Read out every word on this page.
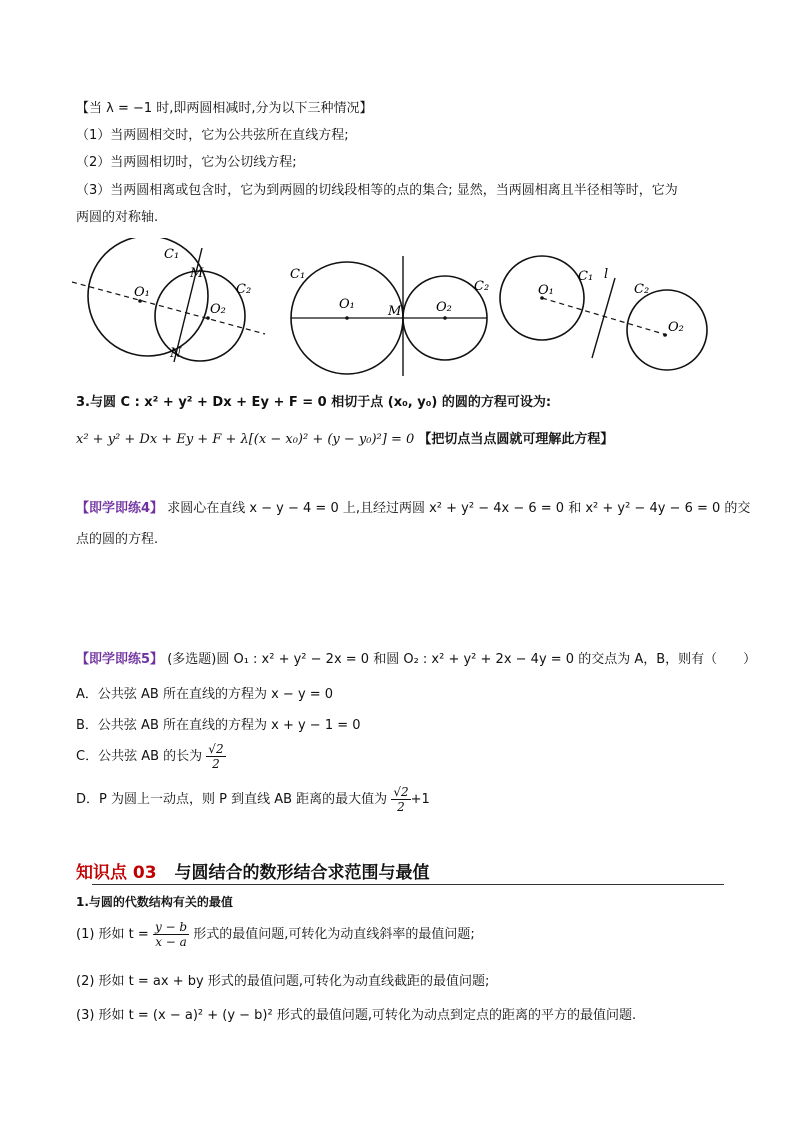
【当 λ = −1 时,即两圆相减时,分为以下三种情况】
（1）当两圆相交时，它为公共弦所在直线方程;
（2）当两圆相切时，它为公切线方程;
（3）当两圆相离或包含时，它为到两圆的切线段相等的点的集合; 显然，当两圆相离且半径相等时，它为
两圆的对称轴.
C₁
M
C₂
O₁
O₂
N
C₁
O₁	M	O₂
C₂	O₁
C₁ l
C₂
O₂
3.与圆 C : x² + y² + Dx + Ey + F = 0 相切于点 (x₀, y₀) 的圆的方程可设为:
x² + y² + Dx + Ey + F + λ[(x − x₀)² + (y − y₀)²] = 0 【把切点当点圆就可理解此方程】
【即学即练4】 求圆心在直线 x − y − 4 = 0 上,且经过两圆 x² + y² − 4x − 6 = 0 和 x² + y² − 4y − 6 = 0 的交
点的圆的方程.
【即学即练5】 (多选题)圆 O₁ : x² + y² − 2x = 0 和圆 O₂ : x² + y² + 2x − 4y = 0 的交点为 A，B，则有（　　）
A．公共弦 AB 所在直线的方程为 x − y = 0
B．公共弦 AB 所在直线的方程为 x + y − 1 = 0
C．公共弦 AB 的长为 $\frac{√2}{2}$
D．P 为圆上一动点，则 P 到直线 AB 距离的最大值为 $\frac{√2}{2} +1$
知识点 03 与圆结合的数形结合求范围与最值
1.与圆的代数结构有关的最值
(1) 形如 $t = \frac{y - b}{x - a}$ 形式的最值问题,可转化为动直线斜率的最值问题;
(2) 形如 t = ax + by 形式的最值问题,可转化为动直线截距的最值问题;
(3) 形如 t = (x − a)² + (y − b)² 形式的最值问题,可转化为动点到定点的距离的平方的最值问题.
